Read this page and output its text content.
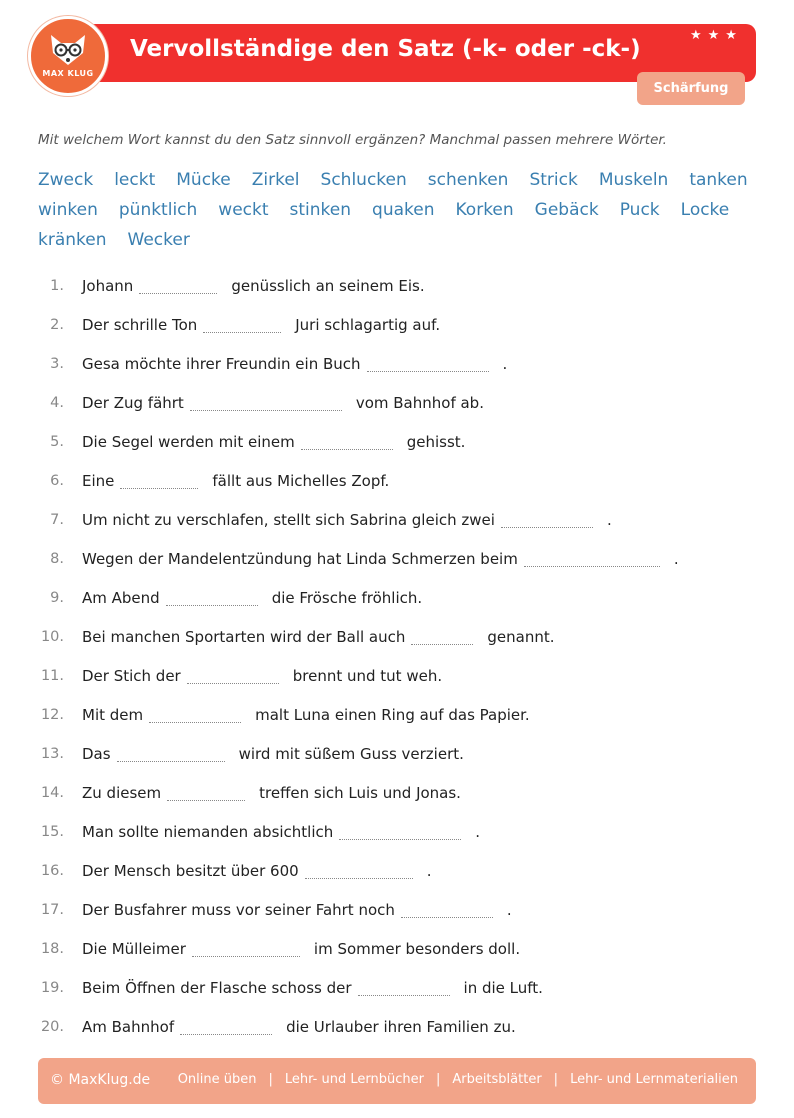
MAX KLUG
Vervollständige den Satz (-k- oder -ck-)
★★★
Schärfung
Mit welchem Wort kannst du den Satz sinnvoll ergänzen? Manchmal passen mehrere Wörter.
Zweck leckt Mücke Zirkel Schlucken schenken Strick Muskeln tanken
winken pünktlich weckt stinken quaken Korken Gebäck Puck Locke
kränken Wecker
1. Johann	genüsslich an seinem Eis.
2. Der schrille Ton	Juri schlagartig auf.
3. Gesa möchte ihrer Freundin ein Buch	.
4. Der Zug fährt	vom Bahnhof ab.
5. Die Segel werden mit einem	gehisst.
6. Eine	fällt aus Michelles Zopf.
7. Um nicht zu verschlafen, stellt sich Sabrina gleich zwei	.
8. Wegen der Mandelentzündung hat Linda Schmerzen beim	.
9. Am Abend	die Frösche fröhlich.
10. Bei manchen Sportarten wird der Ball auch	genannt.
11. Der Stich der	brennt und tut weh.
12. Mit dem	malt Luna einen Ring auf das Papier.
13. Das	wird mit süßem Guss verziert.
14. Zu diesem	treffen sich Luis und Jonas.
15. Man sollte niemanden absichtlich	.
16. Der Mensch besitzt über 600	.
17. Der Busfahrer muss vor seiner Fahrt noch	.
18. Die Mülleimer	im Sommer besonders doll.
19. Beim Öffnen der Flasche schoss der	in die Luft.
20. Am Bahnhof	die Urlauber ihren Familien zu.
© MaxKlug.de Online üben | Lehr- und Lernbücher | Arbeitsblätter | Lehr- und Lernmaterialien
